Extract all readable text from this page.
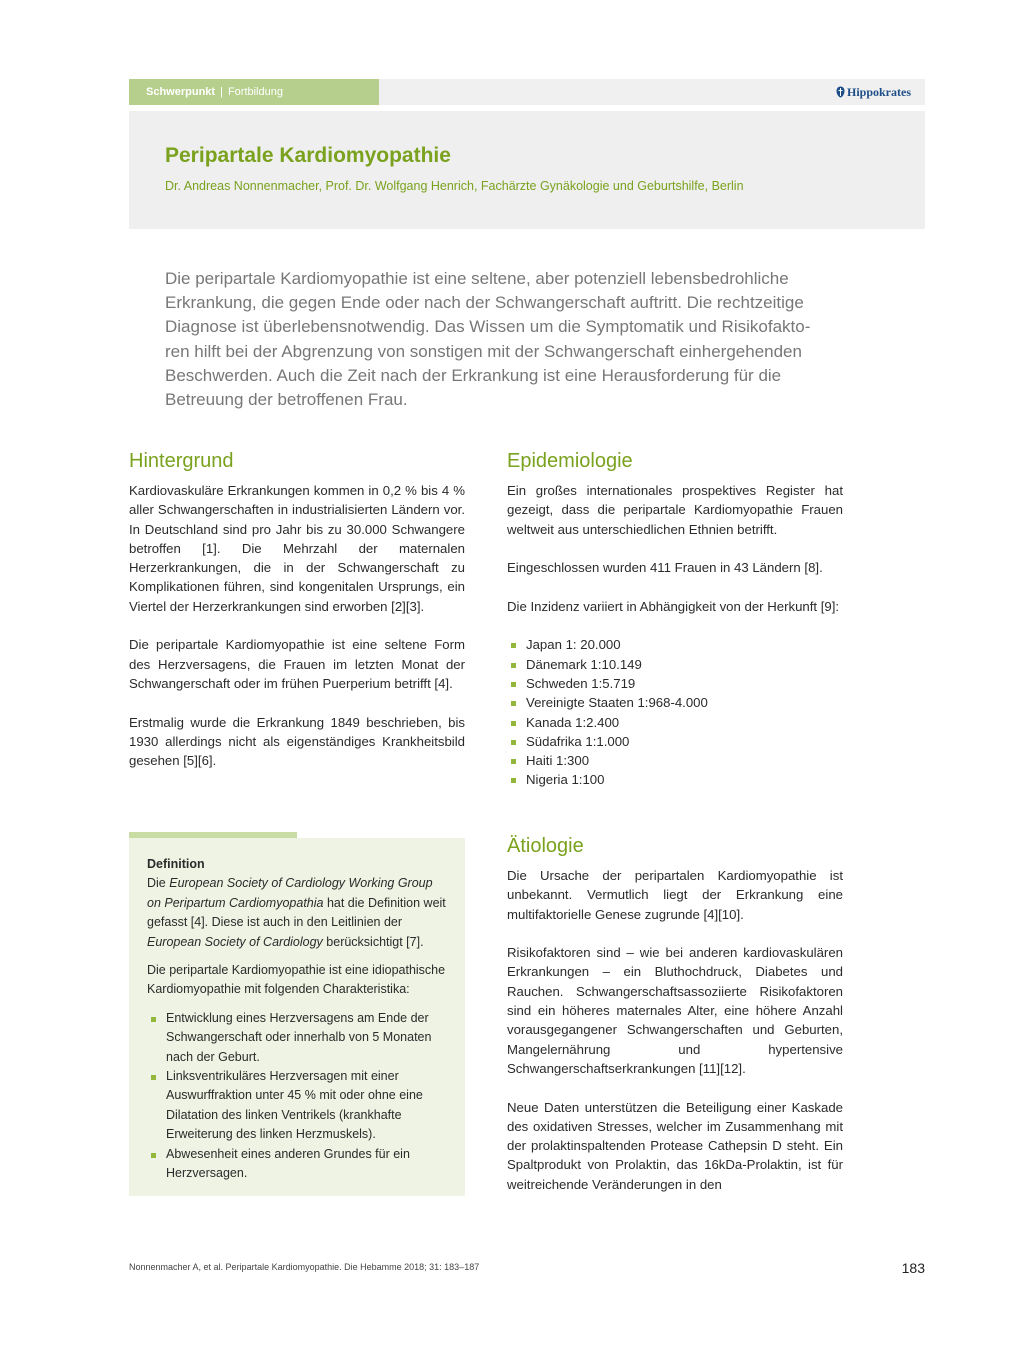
Schwerpunkt | Fortbildung	Hippokrates
Peripartale Kardiomyopathie
Dr. Andreas Nonnenmacher, Prof. Dr. Wolfgang Henrich, Fachärzte Gynäkologie und Geburtshilfe, Berlin
Die peripartale Kardiomyopathie ist eine seltene, aber potenziell lebensbedrohliche
Erkrankung, die gegen Ende oder nach der Schwangerschaft auftritt. Die rechtzeitige
Diagnose ist überlebensnotwendig. Das Wissen um die Symptomatik und Risikofakto-
ren hilft bei der Abgrenzung von sonstigen mit der Schwangerschaft einhergehenden
Beschwerden. Auch die Zeit nach der Erkrankung ist eine Herausforderung für die
Betreuung der betroffenen Frau.
Hintergrund

Kardiovaskuläre Erkrankungen kommen in 0,2 % bis 4 % aller Schwangerschaften in industrialisierten Ländern vor. In Deutschland sind pro Jahr bis zu 30.000 Schwangere betroffen [1]. Die Mehrzahl der maternalen Herzerkrankungen, die in der Schwangerschaft zu Komplikationen führen, sind kongenitalen Ursprungs, ein Viertel der Herzerkrankungen sind erworben [2][3].

Die peripartale Kardiomyopathie ist eine seltene Form des Herzversagens, die Frauen im letzten Monat der Schwangerschaft oder im frühen Puerperium betrifft [4].

Erstmalig wurde die Erkrankung 1849 beschrieben, bis 1930 allerdings nicht als eigenständiges Krankheitsbild gesehen [5][6].

Definition

Die European Society of Cardiology Working Group on Peripartum Cardiomyopathia hat die Definition weit gefasst [4]. Diese ist auch in den Leitlinien der European Society of Cardiology berücksichtigt [7].

Die peripartale Kardiomyopathie ist eine idiopathische Kardiomyopathie mit folgenden Charakteristika:

Entwicklung eines Herzversagens am Ende der Schwangerschaft oder innerhalb von 5 Monaten nach der Geburt.
Linksventrikuläres Herzversagen mit einer Auswurffraktion unter 45 % mit oder ohne eine Dilatation des linken Ventrikels (krankhafte Erweiterung des linken Herzmuskels).
Abwesenheit eines anderen Grundes für ein Herzversagen.
Epidemiologie

Ein großes internationales prospektives Register hat gezeigt, dass die peripartale Kardiomyopathie Frauen weltweit aus unterschiedlichen Ethnien betrifft.

Eingeschlossen wurden 411 Frauen in 43 Ländern [8].

Die Inzidenz variiert in Abhängigkeit von der Herkunft [9]:

Japan 1: 20.000
Dänemark 1:10.149
Schweden 1:5.719
Vereinigte Staaten 1:968-4.000
Kanada 1:2.400
Südafrika 1:1.000
Haiti 1:300
Nigeria 1:100
Ätiologie

Die Ursache der peripartalen Kardiomyopathie ist unbekannt. Vermutlich liegt der Erkrankung eine multifaktorielle Genese zugrunde [4][10].

Risikofaktoren sind – wie bei anderen kardiovaskulären Erkrankungen – ein Bluthochdruck, Diabetes und Rauchen. Schwangerschaftsassoziierte Risikofaktoren sind ein höheres maternales Alter, eine höhere Anzahl vorausgegangener Schwangerschaften und Geburten, Mangelernährung und hypertensive Schwangerschaftserkrankungen [11][12].

Neue Daten unterstützen die Beteiligung einer Kaskade des oxidativen Stresses, welcher im Zusammenhang mit der prolaktinspaltenden Protease Cathepsin D steht. Ein Spaltprodukt von Prolaktin, das 16kDa-Prolaktin, ist für weitreichende Veränderungen in den

Nonnenmacher A, et al. Peripartale Kardiomyopathie. Die Hebamme 2018; 31: 183–187	183
